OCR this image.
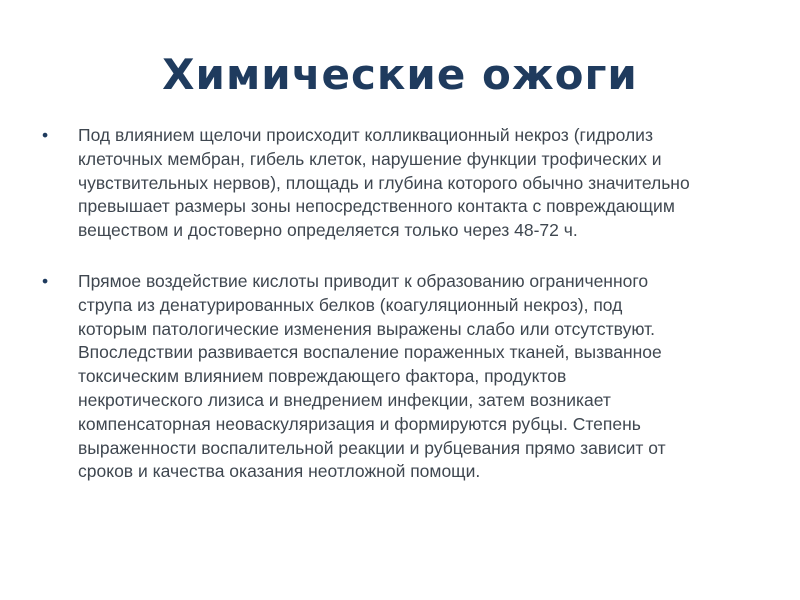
Химические ожоги
•	Под влиянием щелочи происходит колликвационный некроз (гидролиз клеточных мембран, гибель клеток, нарушение функции трофических и чувствительных нервов), площадь и глубина которого обычно значительно превышает размеры зоны непосредственного контакта с повреждающим веществом и достоверно определяется только через 48-72 ч.
•	Прямое воздействие кислоты приводит к образованию ограниченного струпа из денатурированных белков (коагуляционный некроз), под которым патологические изменения выражены слабо или отсутствуют. Впоследствии развивается воспаление пораженных тканей, вызванное токсическим влиянием повреждающего фактора, продуктов некротического лизиса и внедрением инфекции, затем возникает компенсаторная неоваскуляризация и формируются рубцы. Степень выраженности воспалительной реакции и рубцевания прямо зависит от сроков и качества оказания неотложной помощи.
